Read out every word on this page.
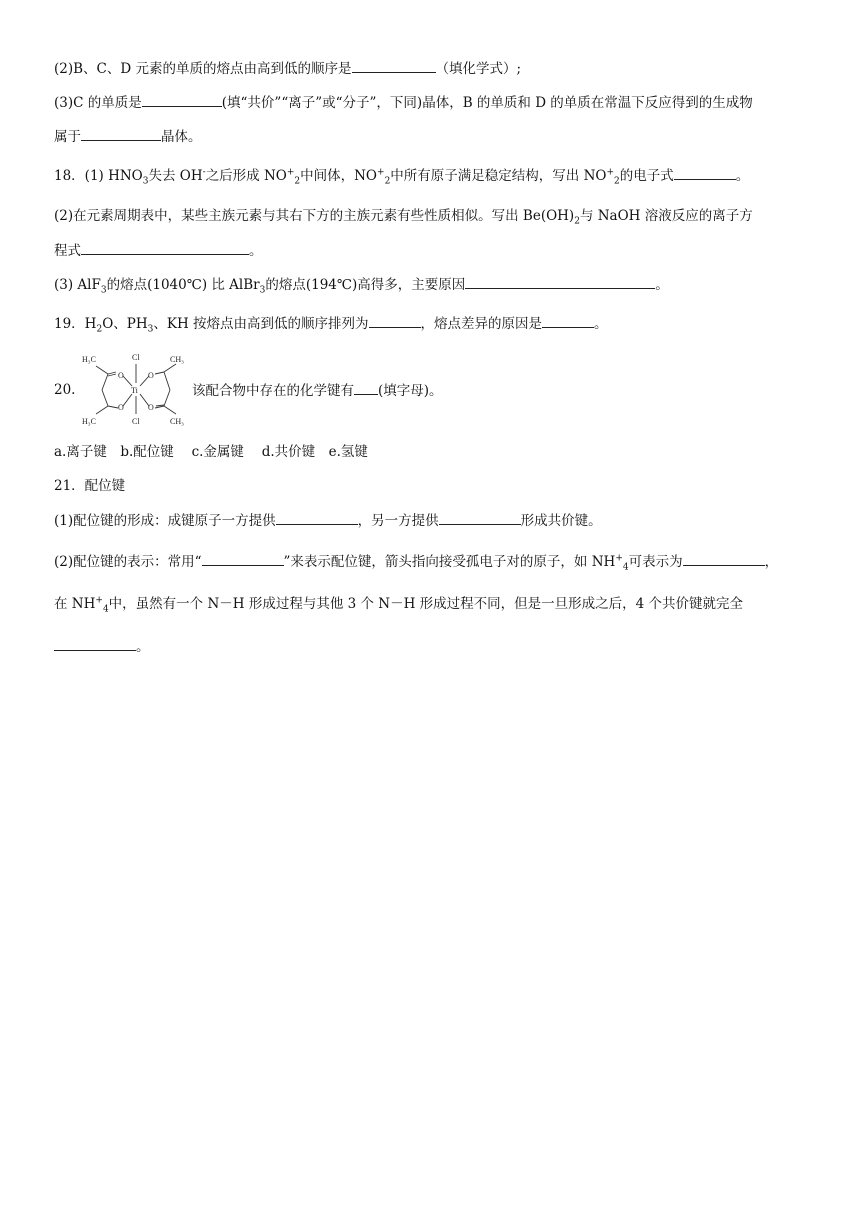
(2)B、C、D 元素的单质的熔点由高到低的顺序是	（填化学式）;
(3)C 的单质是	(填“共价”“离子”或“分子”，下同)晶体，B 的单质和 D 的单质在常温下反应得到的生成物
属于	晶体。
18．(1) $HNO_3$失去 OH-之后形成 $NO^+_2$中间体，$NO^+_2$中所有原子满足稳定结构，写出 $NO^+_2$的电子式	。
(2)在元素周期表中，某些主族元素与其右下方的主族元素有些性质相似。写出 $Be(OH)_2$与 NaOH 溶液反应的离子方
程式	。
(3) AlF$_3$的熔点(1040℃) 比 AlBr$_3$的熔点(194℃)高得多，主要原因	。
19．$H_2O$、$PH_3$、KH 按熔点由高到低的顺序排列为	，熔点差异的原因是	。
20.
H₃C	Cl	CH₃
O	O
Ti
O	O
H₃C	Cl	CH₃
该配合物中存在的化学键有 (填字母)。
a.离子键　b.配位键　 c.金属键　 d.共价键　e.氢键
21．配位键
(1)配位键的形成：成键原子一方提供	，另一方提供	形成共价键。
(2)配位键的表示：常用“	”来表示配位键，箭头指向接受孤电子对的原子，如 $NH^+_4$可表示为	，
在 $NH^+_4$中，虽然有一个 N－H 形成过程与其他 3 个 N－H 形成过程不同，但是一旦形成之后，4 个共价键就完全
。
